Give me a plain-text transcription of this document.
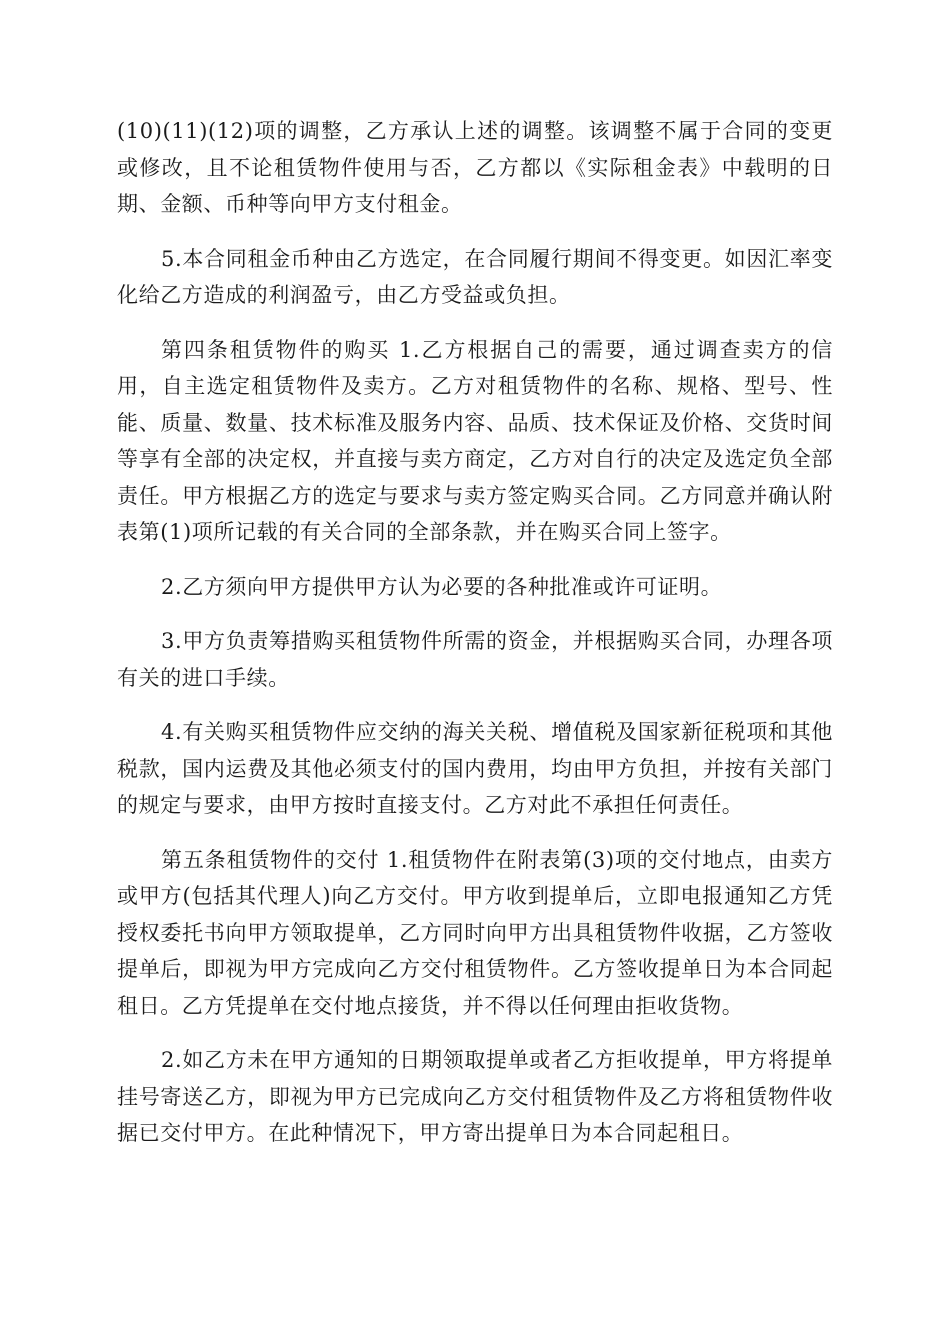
(10)(11)(12)项的调整，乙方承认上述的调整。该调整不属于合同的变更或修改，且不论租赁物件使用与否，乙方都以《实际租金表》中载明的日期、金额、币种等向甲方支付租金。

5.本合同租金币种由乙方选定，在合同履行期间不得变更。如因汇率变化给乙方造成的利润盈亏，由乙方受益或负担。

第四条租赁物件的购买 1.乙方根据自己的需要，通过调查卖方的信用，自主选定租赁物件及卖方。乙方对租赁物件的名称、规格、型号、性能、质量、数量、技术标准及服务内容、品质、技术保证及价格、交货时间等享有全部的决定权，并直接与卖方商定，乙方对自行的决定及选定负全部责任。甲方根据乙方的选定与要求与卖方签定购买合同。乙方同意并确认附表第(1)项所记载的有关合同的全部条款，并在购买合同上签字。

2.乙方须向甲方提供甲方认为必要的各种批准或许可证明。

3.甲方负责筹措购买租赁物件所需的资金，并根据购买合同，办理各项有关的进口手续。

4.有关购买租赁物件应交纳的海关关税、增值税及国家新征税项和其他税款，国内运费及其他必须支付的国内费用，均由甲方负担，并按有关部门的规定与要求，由甲方按时直接支付。乙方对此不承担任何责任。

第五条租赁物件的交付 1.租赁物件在附表第(3)项的交付地点，由卖方或甲方(包括其代理人)向乙方交付。甲方收到提单后，立即电报通知乙方凭授权委托书向甲方领取提单，乙方同时向甲方出具租赁物件收据，乙方签收提单后，即视为甲方完成向乙方交付租赁物件。乙方签收提单日为本合同起租日。乙方凭提单在交付地点接货，并不得以任何理由拒收货物。

2.如乙方未在甲方通知的日期领取提单或者乙方拒收提单，甲方将提单挂号寄送乙方，即视为甲方已完成向乙方交付租赁物件及乙方将租赁物件收据已交付甲方。在此种情况下，甲方寄出提单日为本合同起租日。
